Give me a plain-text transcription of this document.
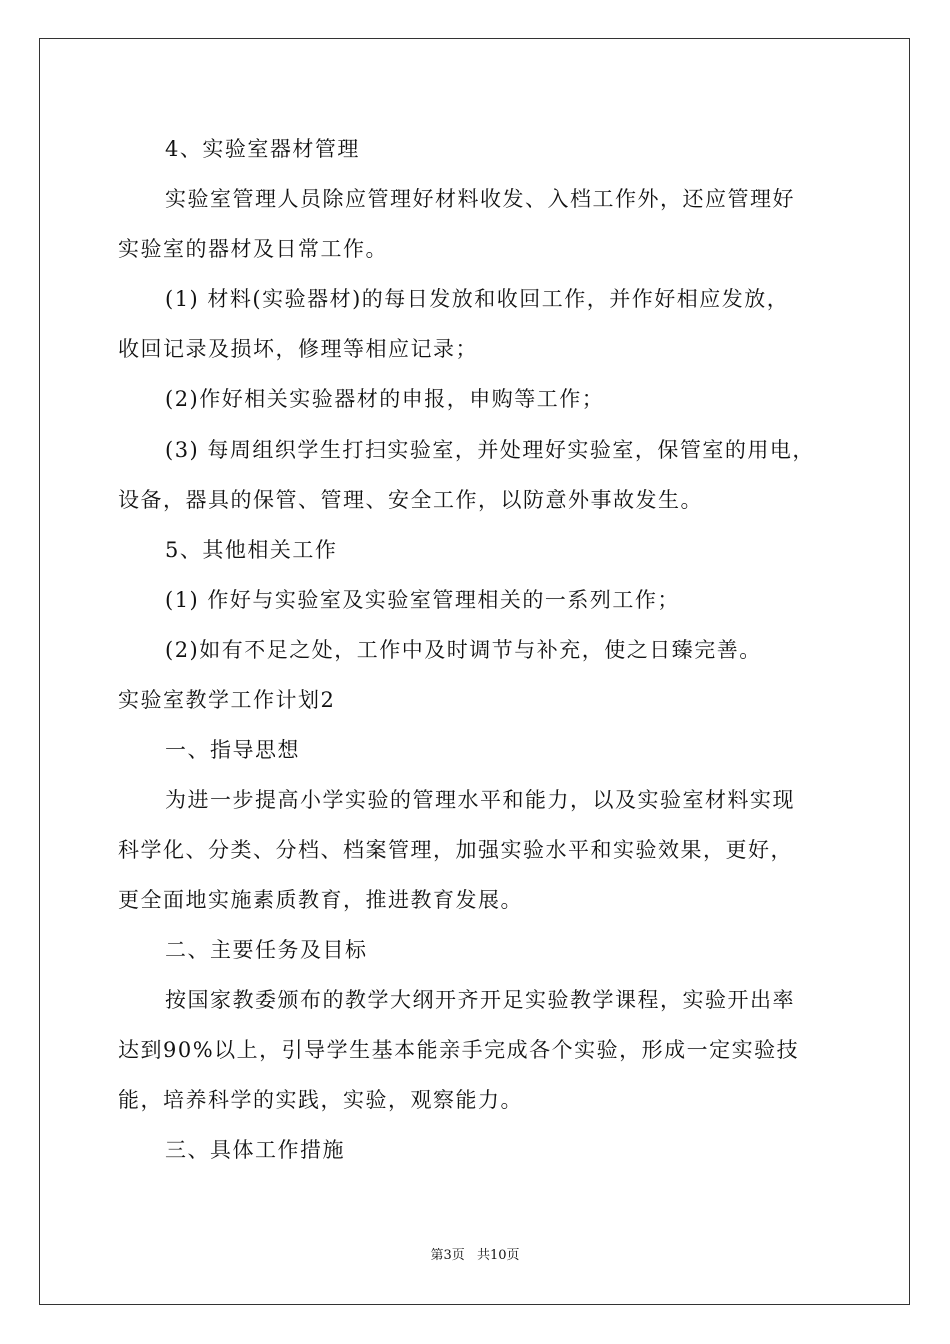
4、实验室器材管理
实验室管理人员除应管理好材料收发、入档工作外，还应管理好
实验室的器材及日常工作。
(1) 材料(实验器材)的每日发放和收回工作，并作好相应发放，
收回记录及损坏，修理等相应记录；
(2)作好相关实验器材的申报，申购等工作；
(3) 每周组织学生打扫实验室，并处理好实验室，保管室的用电，
设备，器具的保管、管理、安全工作，以防意外事故发生。
5、其他相关工作
(1) 作好与实验室及实验室管理相关的一系列工作；
(2)如有不足之处，工作中及时调节与补充，使之日臻完善。
实验室教学工作计划2
一、指导思想
为进一步提高小学实验的管理水平和能力，以及实验室材料实现
科学化、分类、分档、档案管理，加强实验水平和实验效果，更好，
更全面地实施素质教育，推进教育发展。
二、主要任务及目标
按国家教委颁布的教学大纲开齐开足实验教学课程，实验开出率
达到90%以上，引导学生基本能亲手完成各个实验，形成一定实验技
能，培养科学的实践，实验，观察能力。
三、具体工作措施
第3页 共10页
